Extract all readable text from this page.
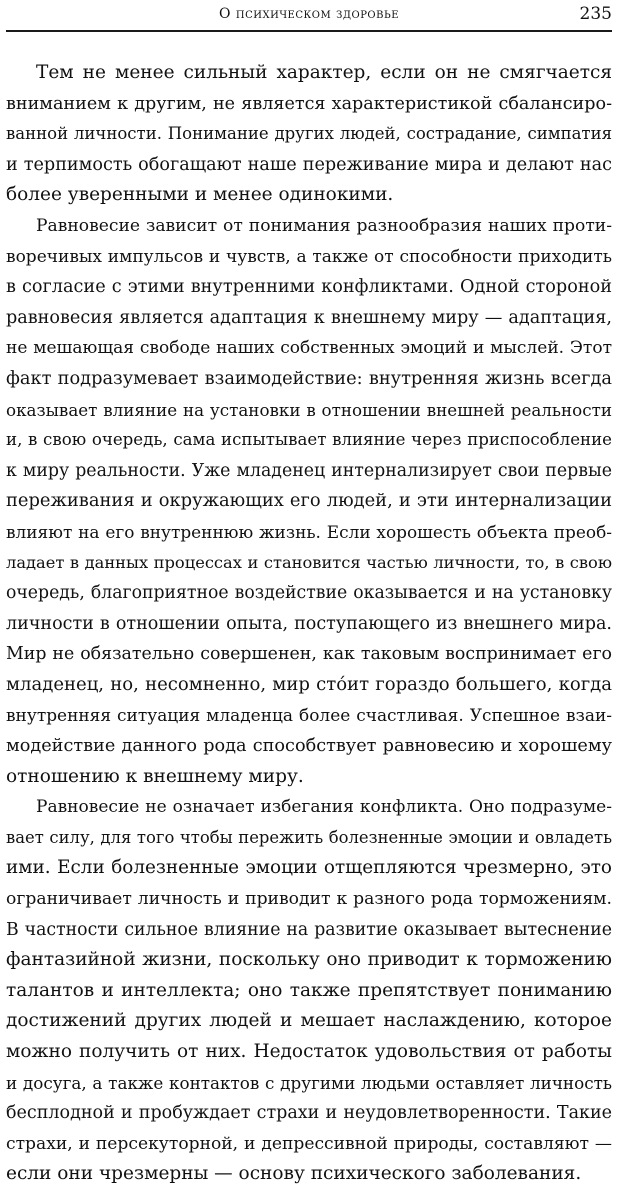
О психическом здоровье	235

Тем не менее сильный характер, если он не смягчается
вниманием к другим, не является характеристикой сбалансиро-
ванной личности. Понимание других людей, сострадание, симпатия
и терпимость обогащают наше переживание мира и делают нас
более уверенными и менее одинокими.

Равновесие зависит от понимания разнообразия наших проти-
воречивых импульсов и чувств, а также от способности приходить
в согласие с этими внутренними конфликтами. Одной стороной
равновесия является адаптация к внешнему миру — адаптация,
не мешающая свободе наших собственных эмоций и мыслей. Этот
факт подразумевает взаимодействие: внутренняя жизнь всегда
оказывает влияние на установки в отношении внешней реальности
и, в свою очередь, сама испытывает влияние через приспособление
к миру реальности. Уже младенец интернализирует свои первые
переживания и окружающих его людей, и эти интернализации
влияют на его внутреннюю жизнь. Если хорошесть объекта преоб-
ладает в данных процессах и становится частью личности, то, в свою
очередь, благоприятное воздействие оказывается и на установку
личности в отношении опыта, поступающего из внешнего мира.
Мир не обязательно совершенен, как таковым воспринимает его
младенец, но, несомненно, мир сто́ит гораздо большего, когда
внутренняя ситуация младенца более счастливая. Успешное взаи-
модействие данного рода способствует равновесию и хорошему
отношению к внешнему миру.

Равновесие не означает избегания конфликта. Оно подразуме-
вает силу, для того чтобы пережить болезненные эмоции и овладеть
ими. Если болезненные эмоции отщепляются чрезмерно, это
ограничивает личность и приводит к разного рода торможениям.
В частности сильное влияние на развитие оказывает вытеснение
фантазийной жизни, поскольку оно приводит к торможению
талантов и интеллекта; оно также препятствует пониманию
достижений других людей и мешает наслаждению, которое
можно получить от них. Недостаток удовольствия от работы
и досуга, а также контактов с другими людьми оставляет личность
бесплодной и пробуждает страхи и неудовлетворенности. Такие
страхи, и персекуторной, и депрессивной природы, составляют —
если они чрезмерны — основу психического заболевания.
